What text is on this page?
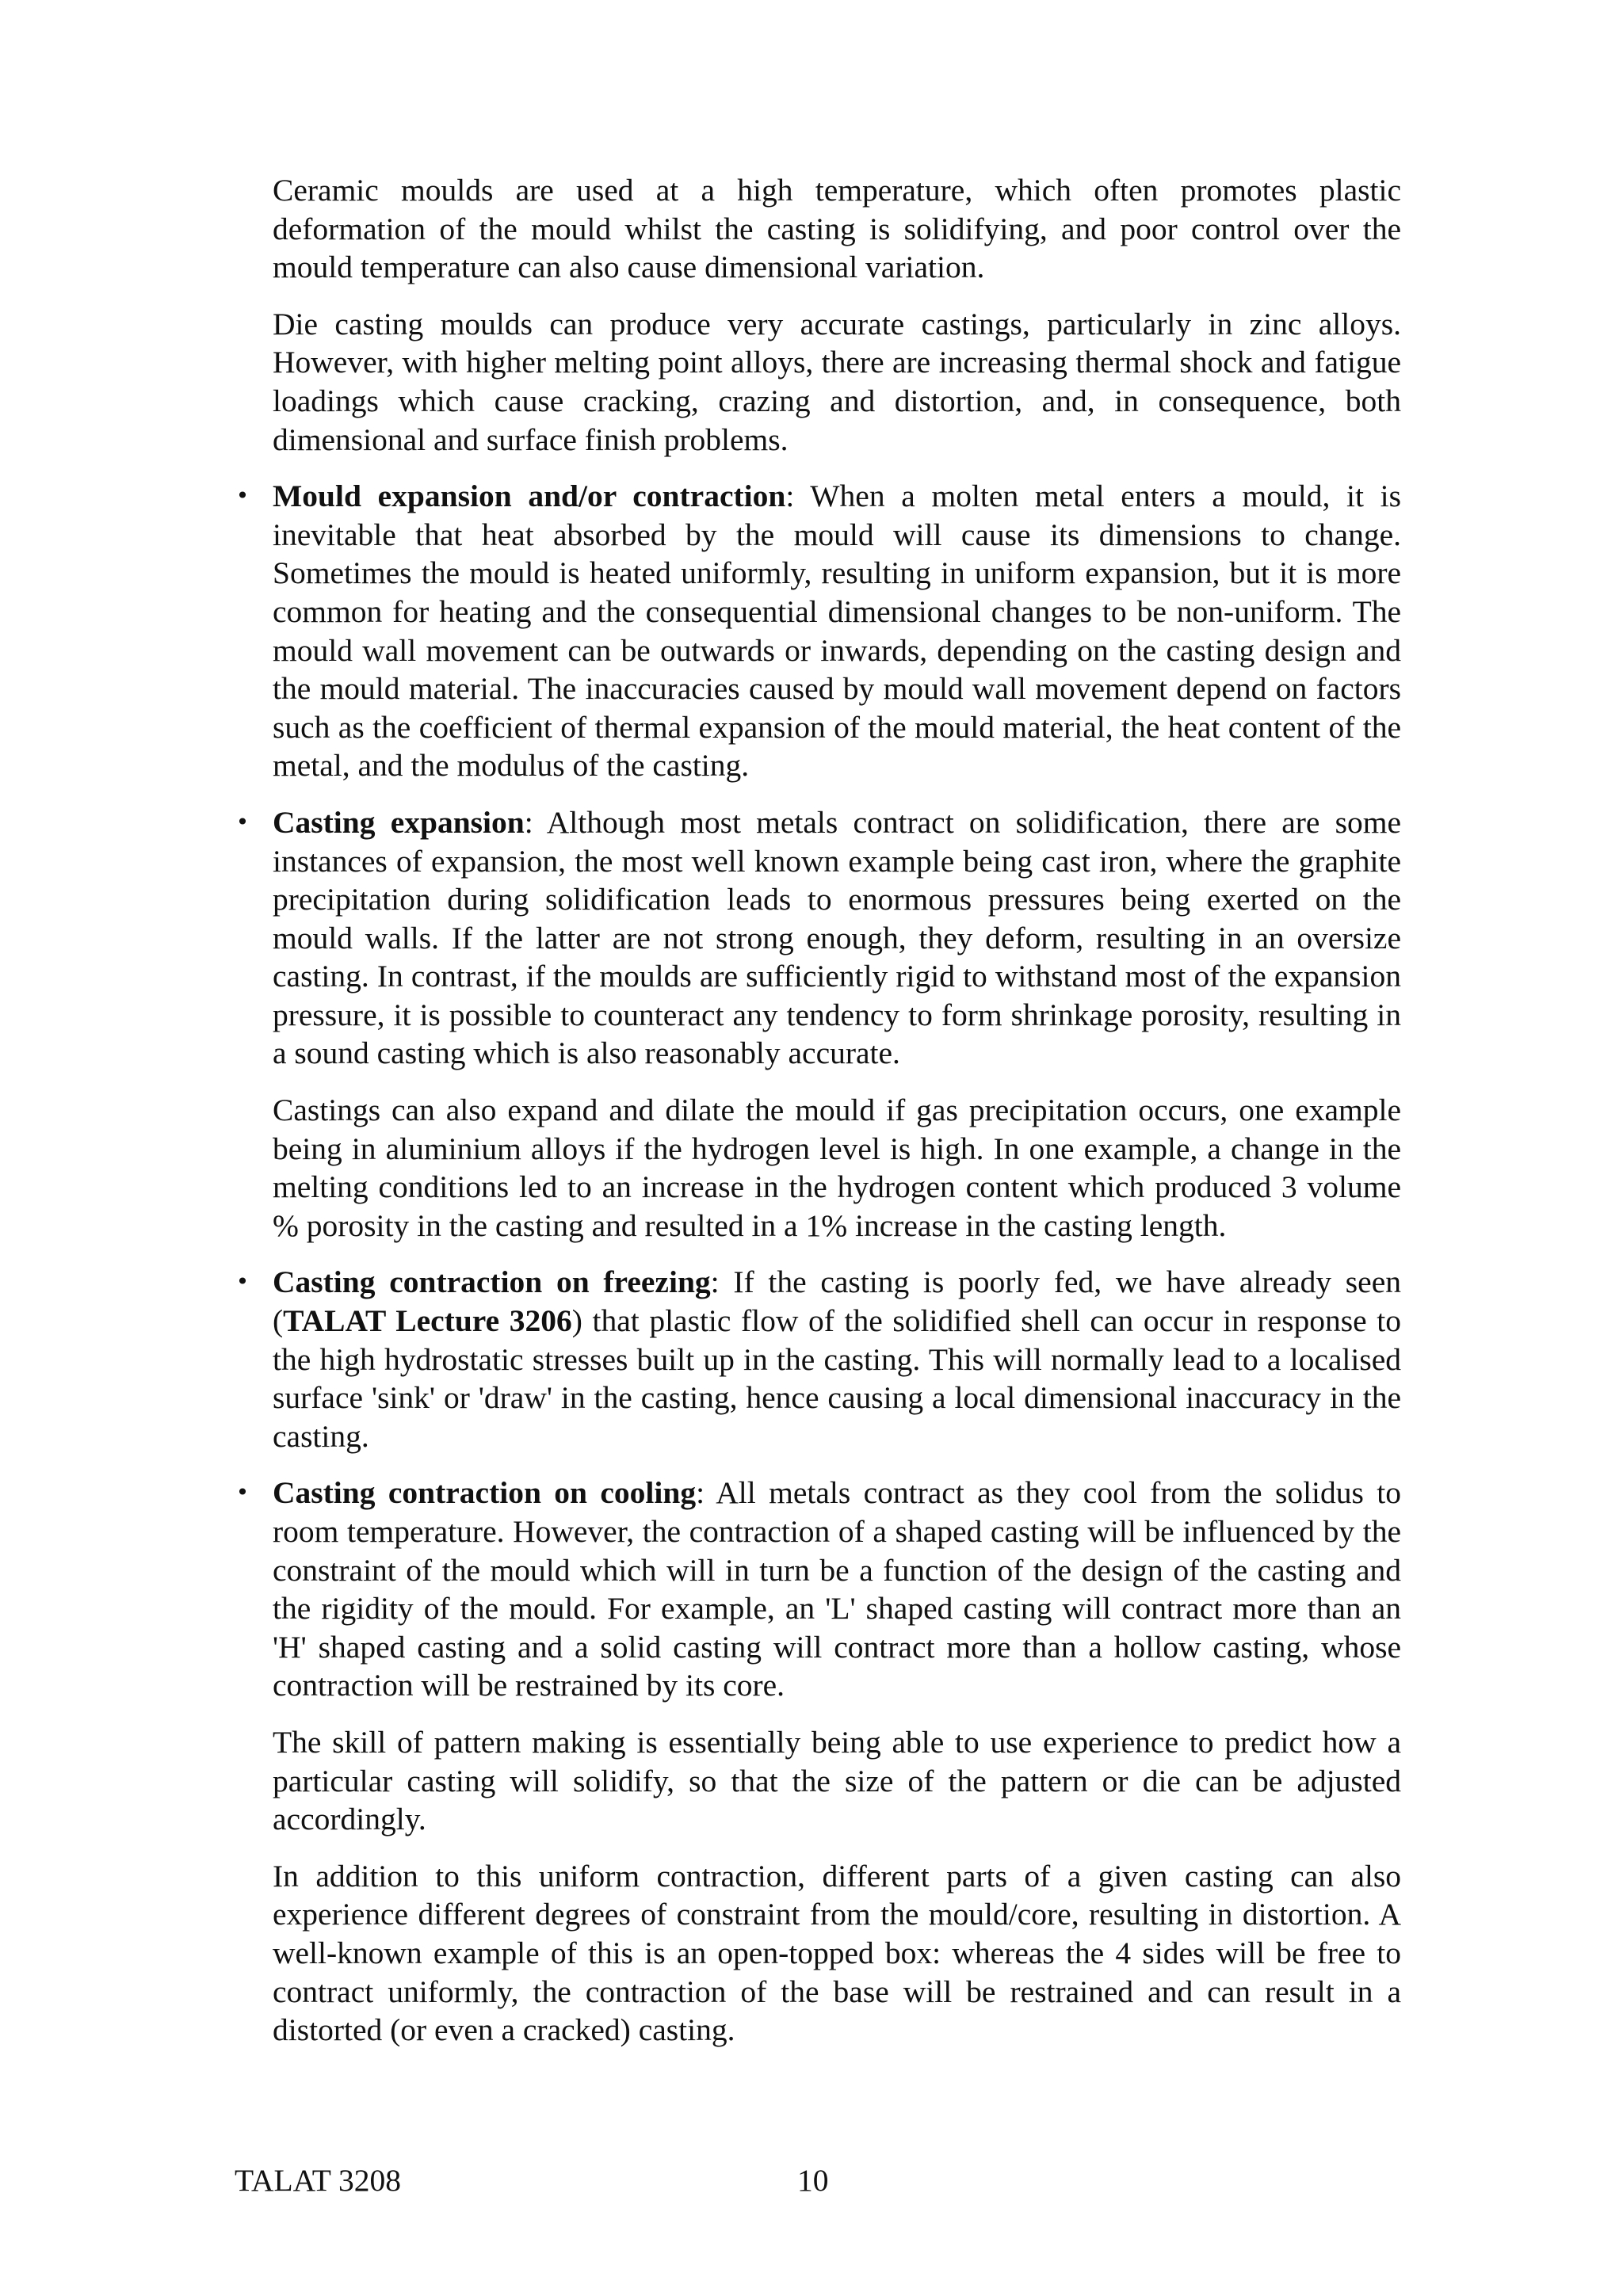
Ceramic moulds are used at a high temperature, which often promotes plastic deformation of the mould whilst the casting is solidifying, and poor control over the mould temperature can also cause dimensional variation.

Die casting moulds can produce very accurate castings, particularly in zinc alloys. However, with higher melting point alloys, there are increasing thermal shock and fatigue loadings which cause cracking, crazing and distortion, and, in consequence, both dimensional and surface finish problems.

• Mould expansion and/or contraction: When a molten metal enters a mould, it is inevitable that heat absorbed by the mould will cause its dimensions to change. Sometimes the mould is heated uniformly, resulting in uniform expansion, but it is more common for heating and the consequential dimensional changes to be non-uniform. The mould wall movement can be outwards or inwards, depending on the casting design and the mould material. The inaccuracies caused by mould wall movement depend on factors such as the coefficient of thermal expansion of the mould material, the heat content of the metal, and the modulus of the casting.

• Casting expansion: Although most metals contract on solidification, there are some instances of expansion, the most well known example being cast iron, where the graphite precipitation during solidification leads to enormous pressures being exerted on the mould walls. If the latter are not strong enough, they deform, resulting in an oversize casting. In contrast, if the moulds are sufficiently rigid to withstand most of the expansion pressure, it is possible to counteract any tendency to form shrinkage porosity, resulting in a sound casting which is also reasonably accurate.

Castings can also expand and dilate the mould if gas precipitation occurs, one example being in aluminium alloys if the hydrogen level is high. In one example, a change in the melting conditions led to an increase in the hydrogen content which produced 3 volume % porosity in the casting and resulted in a 1% increase in the casting length.

• Casting contraction on freezing: If the casting is poorly fed, we have already seen (TALAT Lecture 3206) that plastic flow of the solidified shell can occur in response to the high hydrostatic stresses built up in the casting. This will normally lead to a localised surface 'sink' or 'draw' in the casting, hence causing a local dimensional inaccuracy in the casting.

• Casting contraction on cooling: All metals contract as they cool from the solidus to room temperature. However, the contraction of a shaped casting will be influenced by the constraint of the mould which will in turn be a function of the design of the casting and the rigidity of the mould. For example, an 'L' shaped casting will contract more than an 'H' shaped casting and a solid casting will contract more than a hollow casting, whose contraction will be restrained by its core.

The skill of pattern making is essentially being able to use experience to predict how a particular casting will solidify, so that the size of the pattern or die can be adjusted accordingly.

In addition to this uniform contraction, different parts of a given casting can also experience different degrees of constraint from the mould/core, resulting in distortion. A well-known example of this is an open-topped box: whereas the 4 sides will be free to contract uniformly, the contraction of the base will be restrained and can result in a distorted (or even a cracked) casting.

TALAT 3208	10
